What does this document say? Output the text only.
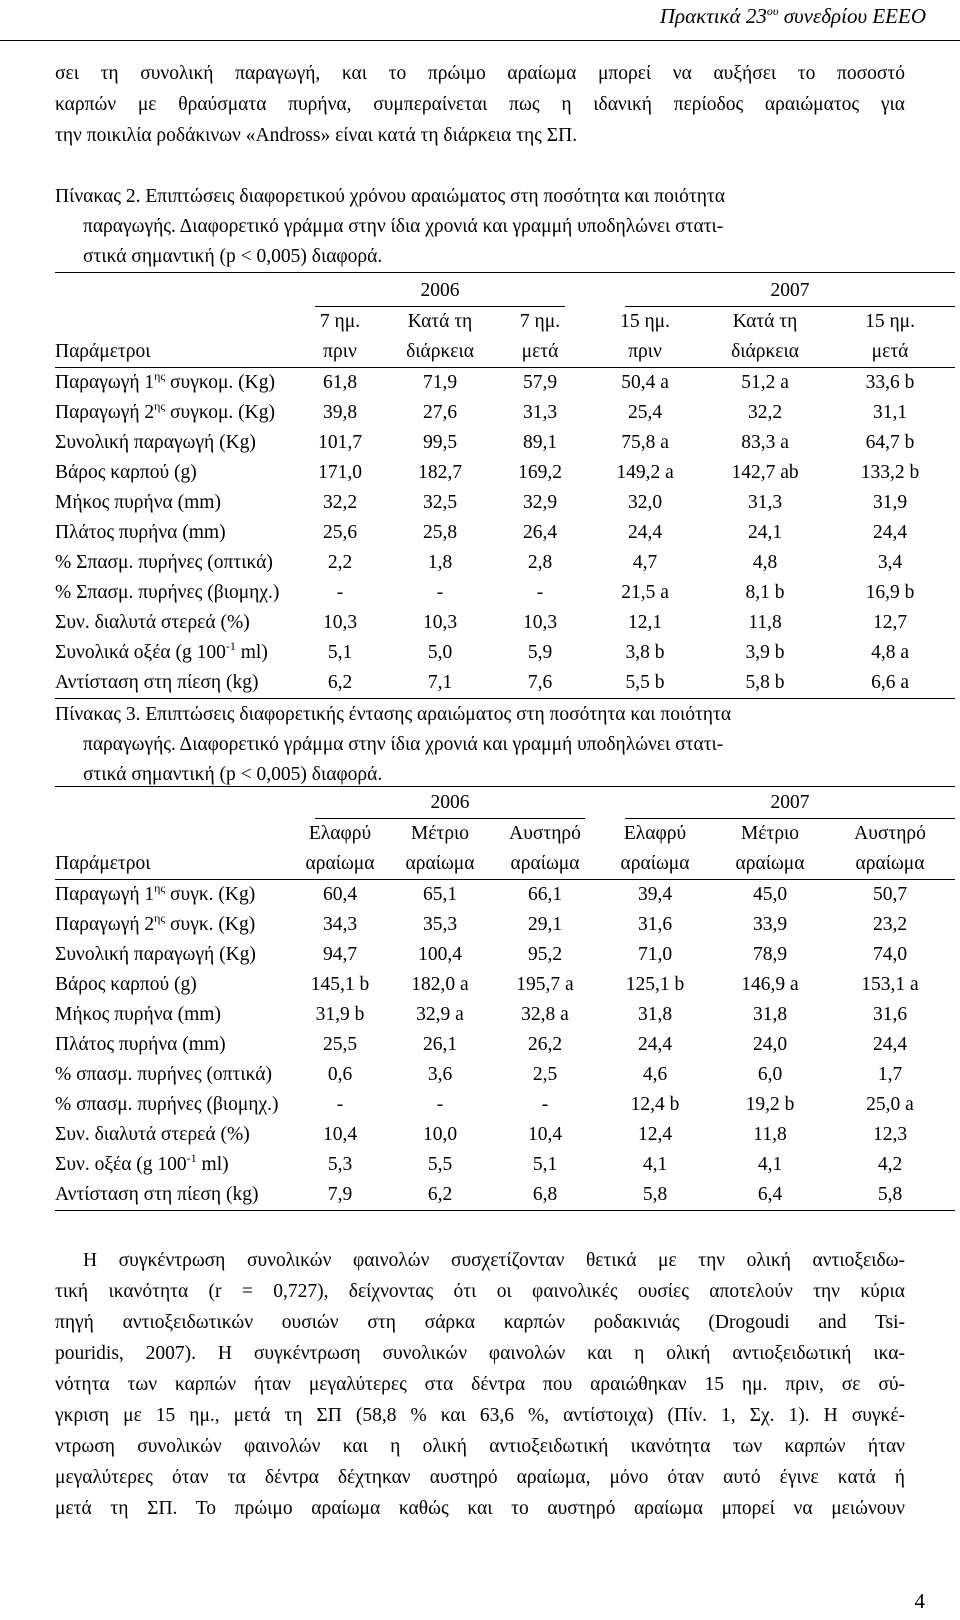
Πρακτικά $23^{o\upsilon}$ συνεδρίου ΕΕΕΟ
σει τη συνολική παραγωγή, και το πρώιμο αραίωμα μπορεί να αυξήσει το ποσοστό
καρπών με θραύσματα πυρήνα, συμπεραίνεται πως η ιδανική περίοδος αραιώματος για
την ποικιλία ροδάκινων «Andross» είναι κατά τη διάρκεια της ΣΠ.
Πίνακας 2. Επιπτώσεις διαφορετικού χρόνου αραιώματος στη ποσότητα και ποιότητα
παραγωγής. Διαφορετικό γράμμα στην ίδια χρονιά και γραμμή υποδηλώνει στατι-
στικά σημαντική (p < 0,005) διαφορά.

	2006			2007		

	7 ημ.	Κατά τη	7 ημ.	15 ημ.	Κατά τη	15 ημ.
Παράμετροι	πριν	διάρκεια	μετά	πριν	διάρκεια	μετά
Παραγωγή $1^{\eta\varsigma}$ συγκομ. (Kg)	61,8	71,9	57,9	50,4 a	51,2 a	33,6 b
Παραγωγή $2^{\eta\varsigma}$ συγκομ. (Kg)	39,8	27,6	31,3	25,4	32,2	31,1
Συνολική παραγωγή (Kg)	101,7	99,5	89,1	75,8 a	83,3 a	64,7 b
Βάρος καρπού (g)	171,0	182,7	169,2	149,2 a	142,7 ab	133,2 b
Μήκος πυρήνα (mm)	32,2	32,5	32,9	32,0	31,3	31,9
Πλάτος πυρήνα (mm)	25,6	25,8	26,4	24,4	24,1	24,4
% Σπασμ. πυρήνες (οπτικά)	2,2	1,8	2,8	4,7	4,8	3,4
% Σπασμ. πυρήνες (βιομηχ.)	-	-	-	21,5 a	8,1 b	16,9 b
Συν. διαλυτά στερεά (%)	10,3	10,3	10,3	12,1	11,8	12,7
Συνολικά οξέα (g $100^{-1}$ ml)	5,1	5,0	5,9	3,8 b	3,9 b	4,8 a
Αντίσταση στη πίεση (kg)	6,2	7,1	7,6	5,5 b	5,8 b	6,6 a
Πίνακας 3. Επιπτώσεις διαφορετικής έντασης αραιώματος στη ποσότητα και ποιότητα
παραγωγής. Διαφορετικό γράμμα στην ίδια χρονιά και γραμμή υποδηλώνει στατι-
στικά σημαντική (p < 0,005) διαφορά.

	2006			2007		

	Ελαφρύ	Μέτριο	Αυστηρό	Ελαφρύ	Μέτριο	Αυστηρό
Παράμετροι	αραίωμα	αραίωμα	αραίωμα	αραίωμα	αραίωμα	αραίωμα
Παραγωγή $1^{\eta\varsigma}$ συγκ. (Kg)	60,4	65,1	66,1	39,4	45,0	50,7
Παραγωγή $2^{\eta\varsigma}$ συγκ. (Kg)	34,3	35,3	29,1	31,6	33,9	23,2
Συνολική παραγωγή (Kg)	94,7	100,4	95,2	71,0	78,9	74,0
Βάρος καρπού (g)	145,1 b	182,0 a	195,7 a	125,1 b	146,9 a	153,1 a
Μήκος πυρήνα (mm)	31,9 b	32,9 a	32,8 a	31,8	31,8	31,6
Πλάτος πυρήνα (mm)	25,5	26,1	26,2	24,4	24,0	24,4
% σπασμ. πυρήνες (οπτικά)	0,6	3,6	2,5	4,6	6,0	1,7
% σπασμ. πυρήνες (βιομηχ.)	-	-	-	12,4 b	19,2 b	25,0 a
Συν. διαλυτά στερεά (%)	10,4	10,0	10,4	12,4	11,8	12,3
Συν. οξέα (g $100^{-1}$ ml)	5,3	5,5	5,1	4,1	4,1	4,2
Αντίσταση στη πίεση (kg)	7,9	6,2	6,8	5,8	6,4	5,8
Η συγκέντρωση συνολικών φαινολών συσχετίζονταν θετικά με την ολική αντιοξειδω-
τική ικανότητα (r = 0,727), δείχνοντας ότι οι φαινολικές ουσίες αποτελούν την κύρια
πηγή αντιοξειδωτικών ουσιών στη σάρκα καρπών ροδακινιάς (Drogoudi and Tsi-
pouridis, 2007). Η συγκέντρωση συνολικών φαινολών και η ολική αντιοξειδωτική ικα-
νότητα των καρπών ήταν μεγαλύτερες στα δέντρα που αραιώθηκαν 15 ημ. πριν, σε σύ-
γκριση με 15 ημ., μετά τη ΣΠ (58,8 % και 63,6 %, αντίστοιχα) (Πίν. 1, Σχ. 1). Η συγκέ-
ντρωση συνολικών φαινολών και η ολική αντιοξειδωτική ικανότητα των καρπών ήταν
μεγαλύτερες όταν τα δέντρα δέχτηκαν αυστηρό αραίωμα, μόνο όταν αυτό έγινε κατά ή
μετά τη ΣΠ. Το πρώιμο αραίωμα καθώς και το αυστηρό αραίωμα μπορεί να μειώνουν
4
